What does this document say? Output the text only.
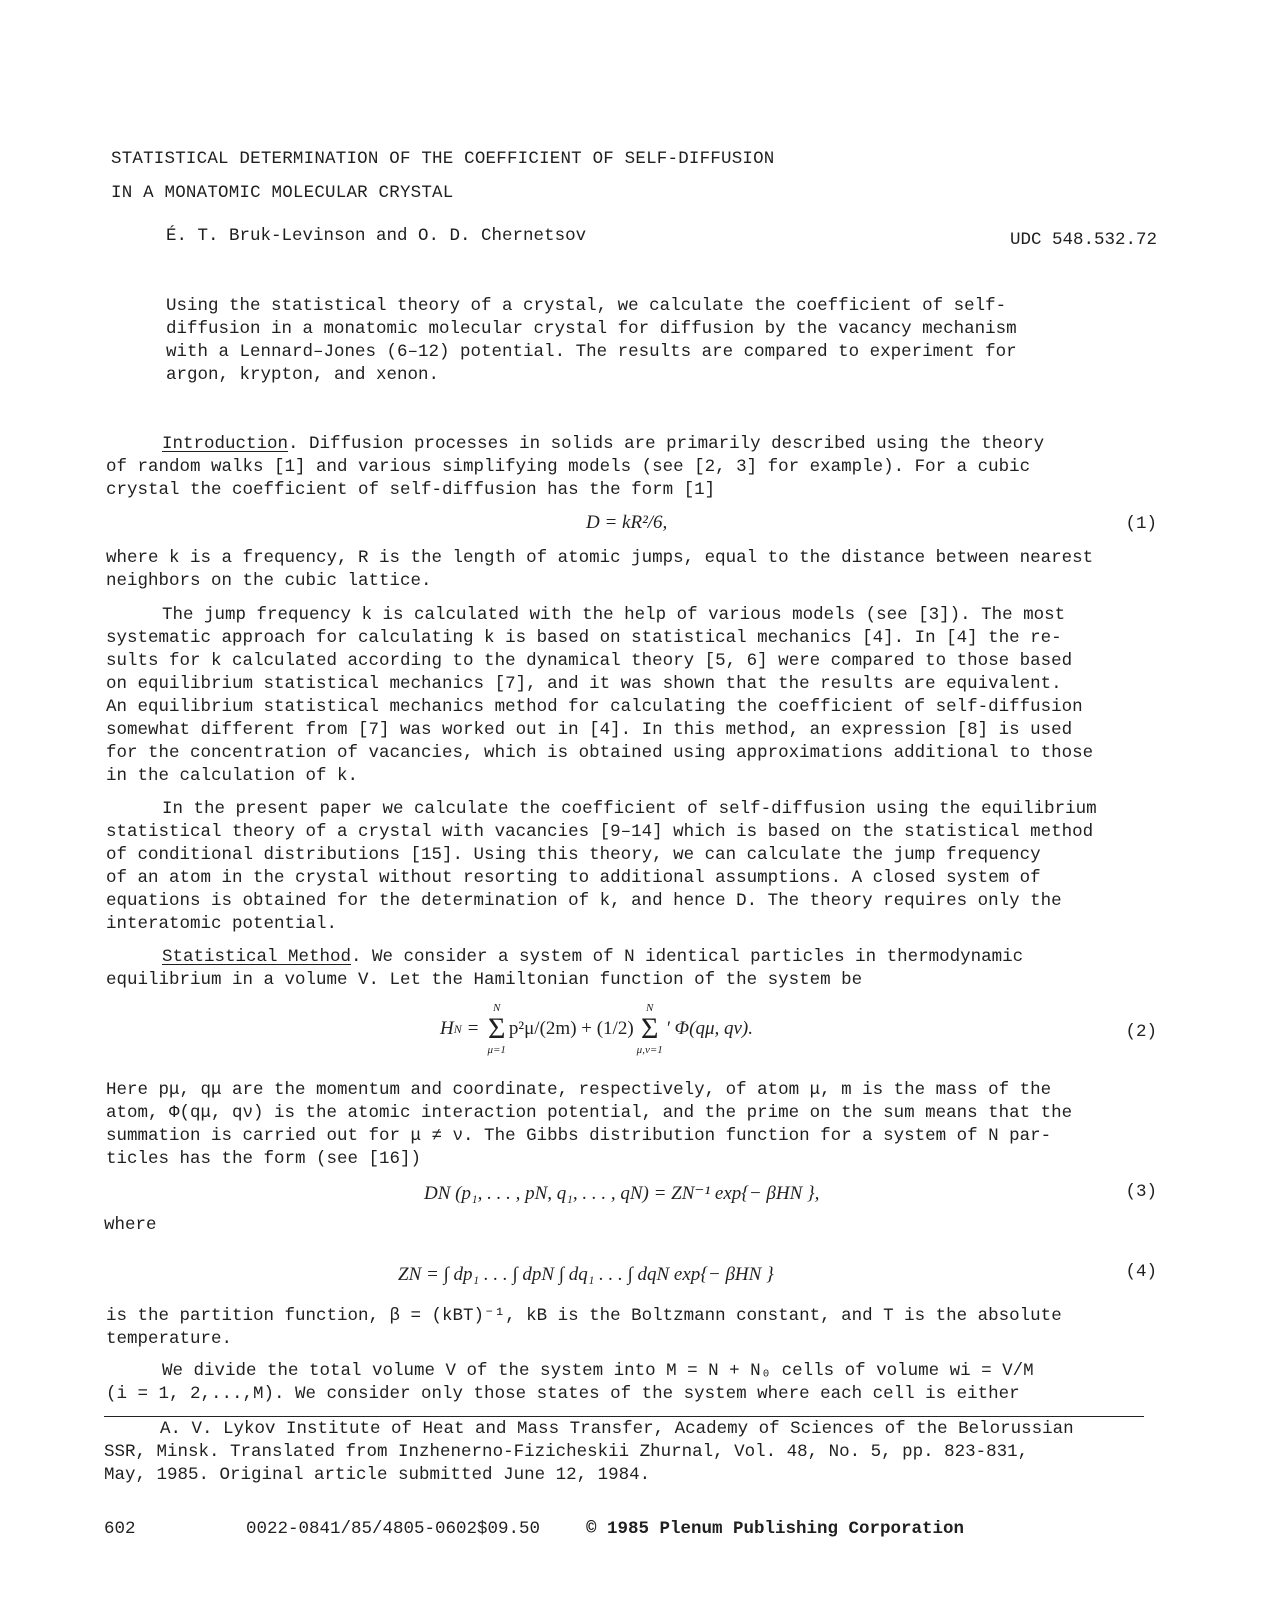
STATISTICAL DETERMINATION OF THE COEFFICIENT OF SELF-DIFFUSION
IN A MONATOMIC MOLECULAR CRYSTAL
É. T. Bruk-Levinson and O. D. Chernetsov	UDC 548.532.72

Using the statistical theory of a crystal, we calculate the coefficient of self-

diffusion in a monatomic molecular crystal for diffusion by the vacancy mechanism

with a Lennard–Jones (6–12) potential. The results are compared to experiment for

argon, krypton, and xenon.

Introduction. Diffusion processes in solids are primarily described using the theory

of random walks [1] and various simplifying models (see [2, 3] for example). For a cubic

crystal the coefficient of self-diffusion has the form [1]

D = kR²/6,	(1)

where k is a frequency, R is the length of atomic jumps, equal to the distance between nearest

neighbors on the cubic lattice.

The jump frequency k is calculated with the help of various models (see [3]). The most

systematic approach for calculating k is based on statistical mechanics [4]. In [4] the re-

sults for k calculated according to the dynamical theory [5, 6] were compared to those based

on equilibrium statistical mechanics [7], and it was shown that the results are equivalent.

An equilibrium statistical mechanics method for calculating the coefficient of self-diffusion

somewhat different from [7] was worked out in [4]. In this method, an expression [8] is used

for the concentration of vacancies, which is obtained using approximations additional to those

in the calculation of k.

In the present paper we calculate the coefficient of self-diffusion using the equilibrium

statistical theory of a crystal with vacancies [9–14] which is based on the statistical method

of conditional distributions [15]. Using this theory, we can calculate the jump frequency

of an atom in the crystal without resorting to additional assumptions. A closed system of

equations is obtained for the determination of k, and hence D. The theory requires only the

interatomic potential.

Statistical Method. We consider a system of N identical particles in thermodynamic

equilibrium in a volume V. Let the Hamiltonian function of the system be

H N =
N
Σ
μ=1
p²μ/(2m) + (1/2)
N
Σ
μ,ν=1
′ Φ(qμ, qν).	(2)

Here pμ, qμ are the momentum and coordinate, respectively, of atom μ, m is the mass of the

atom, Φ(qμ, qν) is the atomic interaction potential, and the prime on the sum means that the

summation is carried out for μ ≠ ν. The Gibbs distribution function for a system of N par-

ticles has the form (see [16])

DN (p₁, . . . , pN, q₁, . . . , qN) = ZN⁻¹ exp{− βHN },	(3)
where
ZN = ∫ dp₁ . . . ∫ dpN ∫ dq₁ . . . ∫ dqN exp{− βHN }	(4)

is the partition function, β = (kBT)⁻¹, kB is the Boltzmann constant, and T is the absolute

temperature.

We divide the total volume V of the system into M = N + N₀ cells of volume wi = V/M

(i = 1, 2,...,M). We consider only those states of the system where each cell is either

A. V. Lykov Institute of Heat and Mass Transfer, Academy of Sciences of the Belorussian

SSR, Minsk. Translated from Inzhenerno-Fizicheskii Zhurnal, Vol. 48, No. 5, pp. 823-831,

May, 1985. Original article submitted June 12, 1984.

602	0022-0841/85/4805-0602$09.50	© 1985 Plenum Publishing Corporation
